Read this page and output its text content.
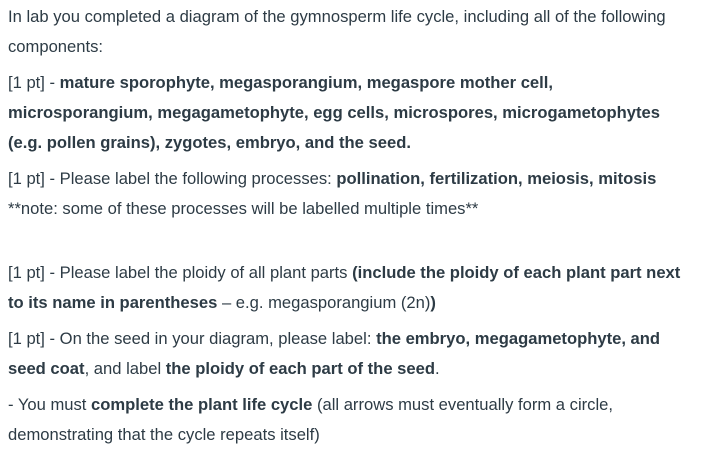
In lab you completed a diagram of the gymnosperm life cycle, including all of the following components:

[1 pt] - mature sporophyte, megasporangium, megaspore mother cell, microsporangium, megagametophyte, egg cells, microspores, microgametophytes (e.g. pollen grains), zygotes, embryo, and the seed.

[1 pt] - Please label the following processes: pollination, fertilization, meiosis, mitosis **note: some of these processes will be labelled multiple times**

[1 pt] - Please label the ploidy of all plant parts (include the ploidy of each plant part next to its name in parentheses – e.g. megasporangium (2n))

[1 pt] - On the seed in your diagram, please label: the embryo, megagametophyte, and seed coat, and label the ploidy of each part of the seed.

- You must complete the plant life cycle (all arrows must eventually form a circle, demonstrating that the cycle repeats itself)
